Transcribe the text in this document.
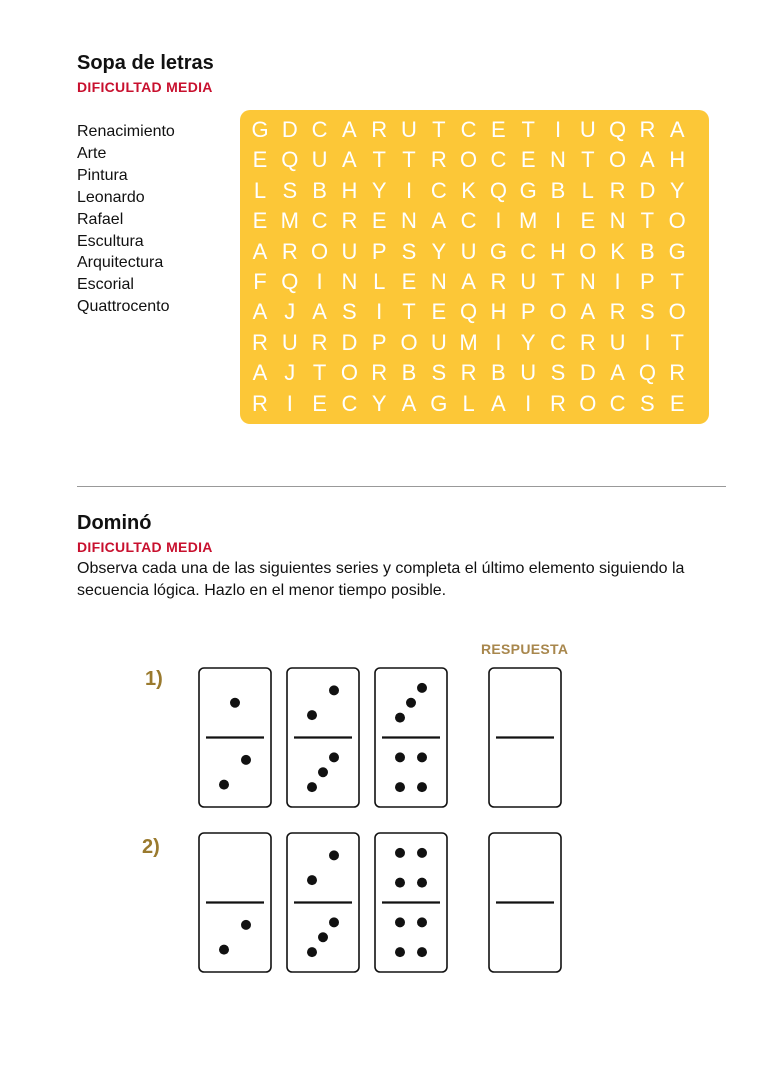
Sopa de letras
DIFICULTAD MEDIA
Renacimiento
Arte
Pintura
Leonardo
Rafael
Escultura
Arquitectura
Escorial
Quattrocento
G D C A R U T C E T I U Q R A
E Q U A T T R O C E N T O A H
L S B H Y I C K Q G B L R D Y
E M C R E N A C I M I E N T O
A R O U P S Y U G C H O K B G
F Q I N L E N A R U T N I P T
A J A S I T E Q H P O A R S O
R U R D P O U M I Y C R U I T
A J T O R B S R B U S D A Q R
R I E C Y A G L A I R O C S E
Dominó
DIFICULTAD MEDIA

Observa cada una de las siguientes series y completa el último elemento siguiendo la secuencia lógica. Hazlo en el menor tiempo posible.

RESPUESTA
1)
2)
